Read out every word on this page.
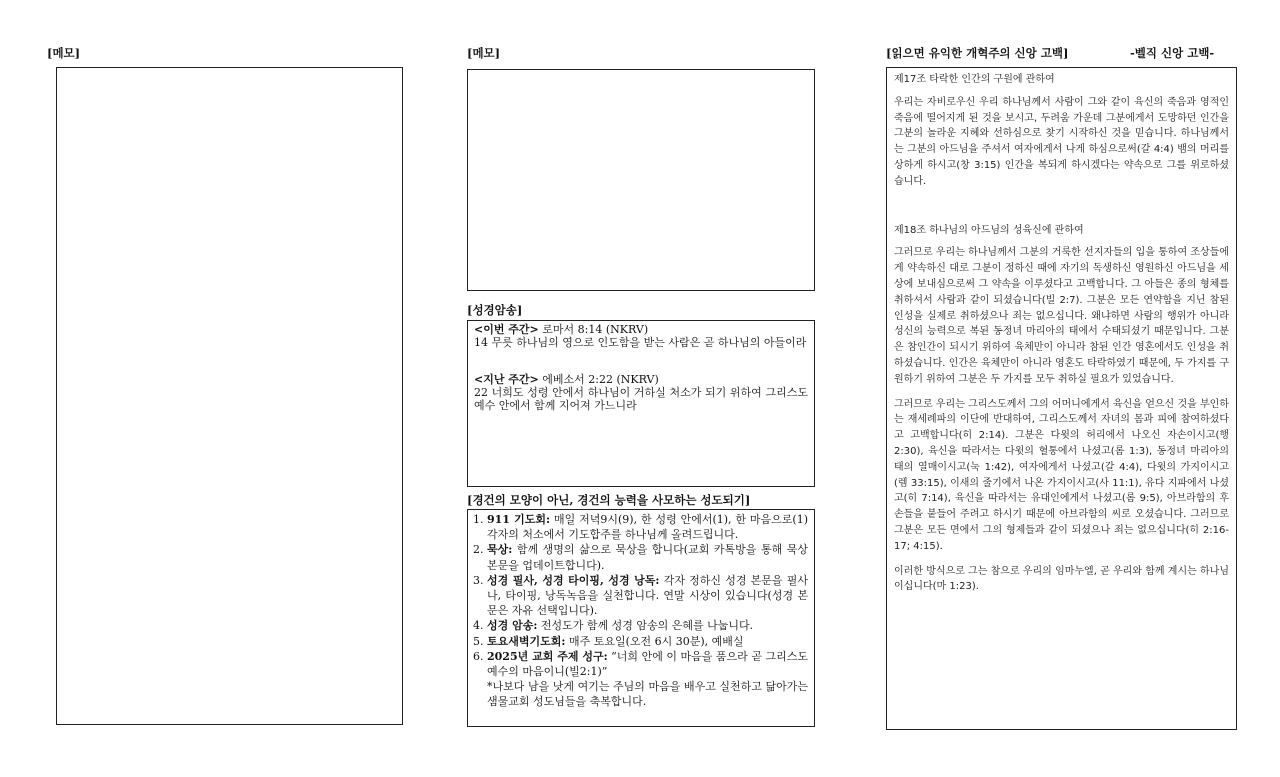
[메모]	[메모]
[성경암송]
<이번 주간> 로마서 8:14 (NKRV)
14 무릇 하나님의 영으로 인도함을 받는 사람은 곧 하나님의 아들이라
<지난 주간> 에베소서 2:22 (NKRV)
22 너희도 성령 안에서 하나님이 거하실 처소가 되기 위하여 그리스도 예수 안에서 함께 지어져 가느니라
[경건의 모양이 아닌, 경건의 능력을 사모하는 성도되기]
1. 911 기도회: 매일 저녁9시(9), 한 성령 안에서(1), 한 마음으로(1) 각자의 처소에서 기도합주를 하나님께 올려드립니다.
2. 묵상: 함께 생명의 삶으로 묵상을 합니다(교회 카톡방을 통해 묵상 본문을 업데이트합니다).
3. 성경 필사, 성경 타이핑, 성경 낭독: 각자 정하신 성경 본문을 필사나, 타이핑, 낭독녹음을 실천합니다. 연말 시상이 있습니다(성경 본문은 자유 선택입니다).
4. 성경 암송: 전성도가 함께 성경 암송의 은혜를 나눕니다.
5. 토요새벽기도회: 매주 토요일(오전 6시 30분), 예배실
6. 2025년 교회 주제 성구: “너희 안에 이 마음을 품으라 곧 그리스도 예수의 마음이니(빌2:1)”
*나보다 남을 낫게 여기는 주님의 마음을 배우고 실천하고 닮아가는 샘물교회 성도님들을 축복합니다.
[읽으면 유익한 개혁주의 신앙 고백]	-벨직 신앙 고백-
제17조 타락한 인간의 구원에 관하여

우리는 자비로우신 우리 하나님께서 사람이 그와 같이 육신의 죽음과 영적인 죽음에 떨어지게 된 것을 보시고, 두려움 가운데 그분에게서 도망하던 인간을 그분의 놀라운 지혜와 선하심으로 찾기 시작하신 것을 믿습니다. 하나님께서는 그분의 아드님을 주셔서 여자에게서 나게 하심으로써(갈 4:4) 뱀의 머리를 상하게 하시고(창 3:15) 인간을 복되게 하시겠다는 약속으로 그를 위로하셨습니다.

제18조 하나님의 아드님의 성육신에 관하여

그러므로 우리는 하나님께서 그분의 거룩한 선지자들의 입을 통하여 조상들에게 약속하신 대로 그분이 정하신 때에 자기의 독생하신 영원하신 아드님을 세상에 보내심으로써 그 약속을 이루셨다고 고백합니다. 그 아들은 종의 형체를 취하셔서 사람과 같이 되셨습니다(빌 2:7). 그분은 모든 연약함을 지닌 참된 인성을 실제로 취하셨으나 죄는 없으십니다. 왜냐하면 사람의 행위가 아니라 성신의 능력으로 복된 동정녀 마리아의 태에서 수태되셨기 때문입니다. 그분은 참인간이 되시기 위하여 육체만이 아니라 참된 인간 영혼에서도 인성을 취하셨습니다. 인간은 육체만이 아니라 영혼도 타락하였기 때문에, 두 가지를 구원하기 위하여 그분은 두 가지를 모두 취하실 필요가 있었습니다.

그러므로 우리는 그리스도께서 그의 어머니에게서 육신을 얻으신 것을 부인하는 재세례파의 이단에 반대하여, 그리스도께서 자녀의 몸과 피에 참여하셨다고 고백합니다(히 2:14). 그분은 다윗의 허리에서 나오신 자손이시고(행 2:30), 육신을 따라서는 다윗의 혈통에서 나셨고(롬 1:3), 동정녀 마리아의 태의 열매이시고(눅 1:42), 여자에게서 나셨고(갈 4:4), 다윗의 가지이시고(렘 33:15), 이새의 줄기에서 나온 가지이시고(사 11:1), 유다 지파에서 나셨고(히 7:14), 육신을 따라서는 유대인에게서 나셨고(롬 9:5), 아브라함의 후손들을 붙들어 주려고 하시기 때문에 아브라함의 씨로 오셨습니다. 그러므로 그분은 모든 면에서 그의 형제들과 같이 되셨으나 죄는 없으십니다(히 2:16-17; 4:15).

이러한 방식으로 그는 참으로 우리의 임마누엘, 곧 우리와 함께 계시는 하나님이십니다(마 1:23).
